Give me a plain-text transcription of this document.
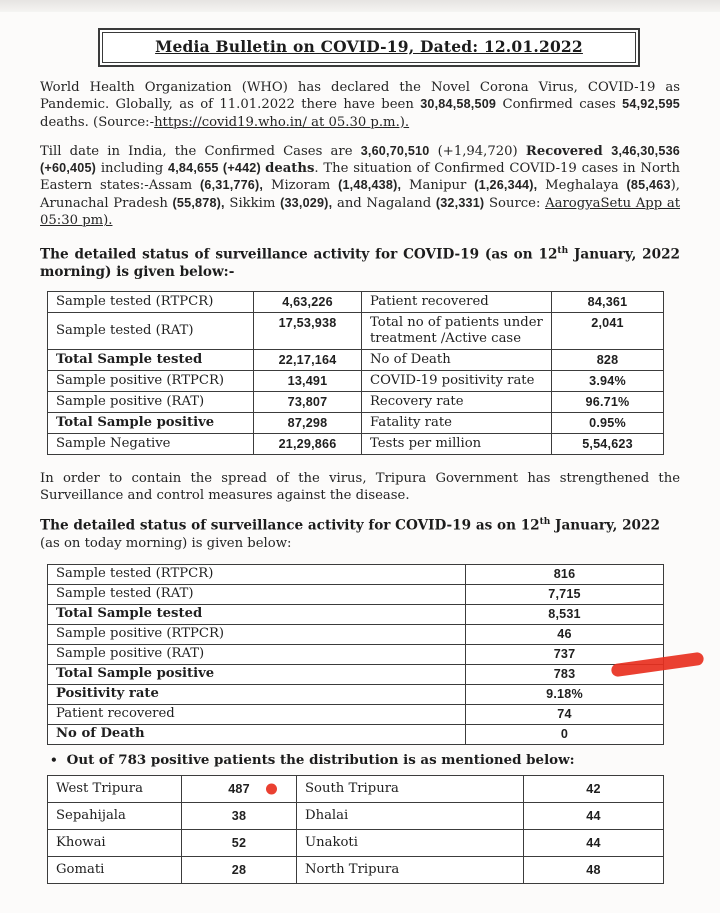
Media Bulletin on COVID-19, Dated: 12.01.2022

World Health Organization (WHO) has declared the Novel Corona Virus, COVID-19 as Pandemic. Globally, as of 11.01.2022 there have been 30,84,58,509 Confirmed cases 54,92,595 deaths. (Source:-https://covid19.who.in/ at 05.30 p.m.).

Till date in India, the Confirmed Cases are 3,60,70,510 (+1,94,720) Recovered 3,46,30,536 (+60,405) including 4,84,655 (+442) deaths. The situation of Confirmed COVID-19 cases in North Eastern states:-Assam (6,31,776), Mizoram (1,48,438), Manipur (1,26,344), Meghalaya (85,463), Arunachal Pradesh (55,878), Sikkim (33,029), and Nagaland (32,331) Source: AarogyaSetu App at 05:30 pm).

The detailed status of surveillance activity for COVID-19 (as on 12th January, 2022 morning) is given below:-

Sample tested (RTPCR)	4,63,226	Patient recovered	84,361
Sample tested (RAT)	17,53,938	Total no of patients under treatment /Active case	2,041
Total Sample tested	22,17,164	No of Death	828
Sample positive (RTPCR)	13,491	COVID-19 positivity rate	3.94%
Sample positive (RAT)	73,807	Recovery rate	96.71%
Total Sample positive	87,298	Fatality rate	0.95%
Sample Negative	21,29,866	Tests per million	5,54,623

In order to contain the spread of the virus, Tripura Government has strengthened the Surveillance and control measures against the disease.

The detailed status of surveillance activity for COVID-19 as on 12th January, 2022

(as on today morning) is given below:

Sample tested (RTPCR)	816
Sample tested (RAT)	7,715
Total Sample tested	8,531
Sample positive (RTPCR)	46
Sample positive (RAT)	737
Total Sample positive	783
Positivity rate	9.18%
Patient recovered	74
No of Death	0
• Out of 783 positive patients the distribution is as mentioned below:
West Tripura	487	South Tripura	42
Sepahijala	38	Dhalai	44
Khowai	52	Unakoti	44
Gomati	28	North Tripura	48
